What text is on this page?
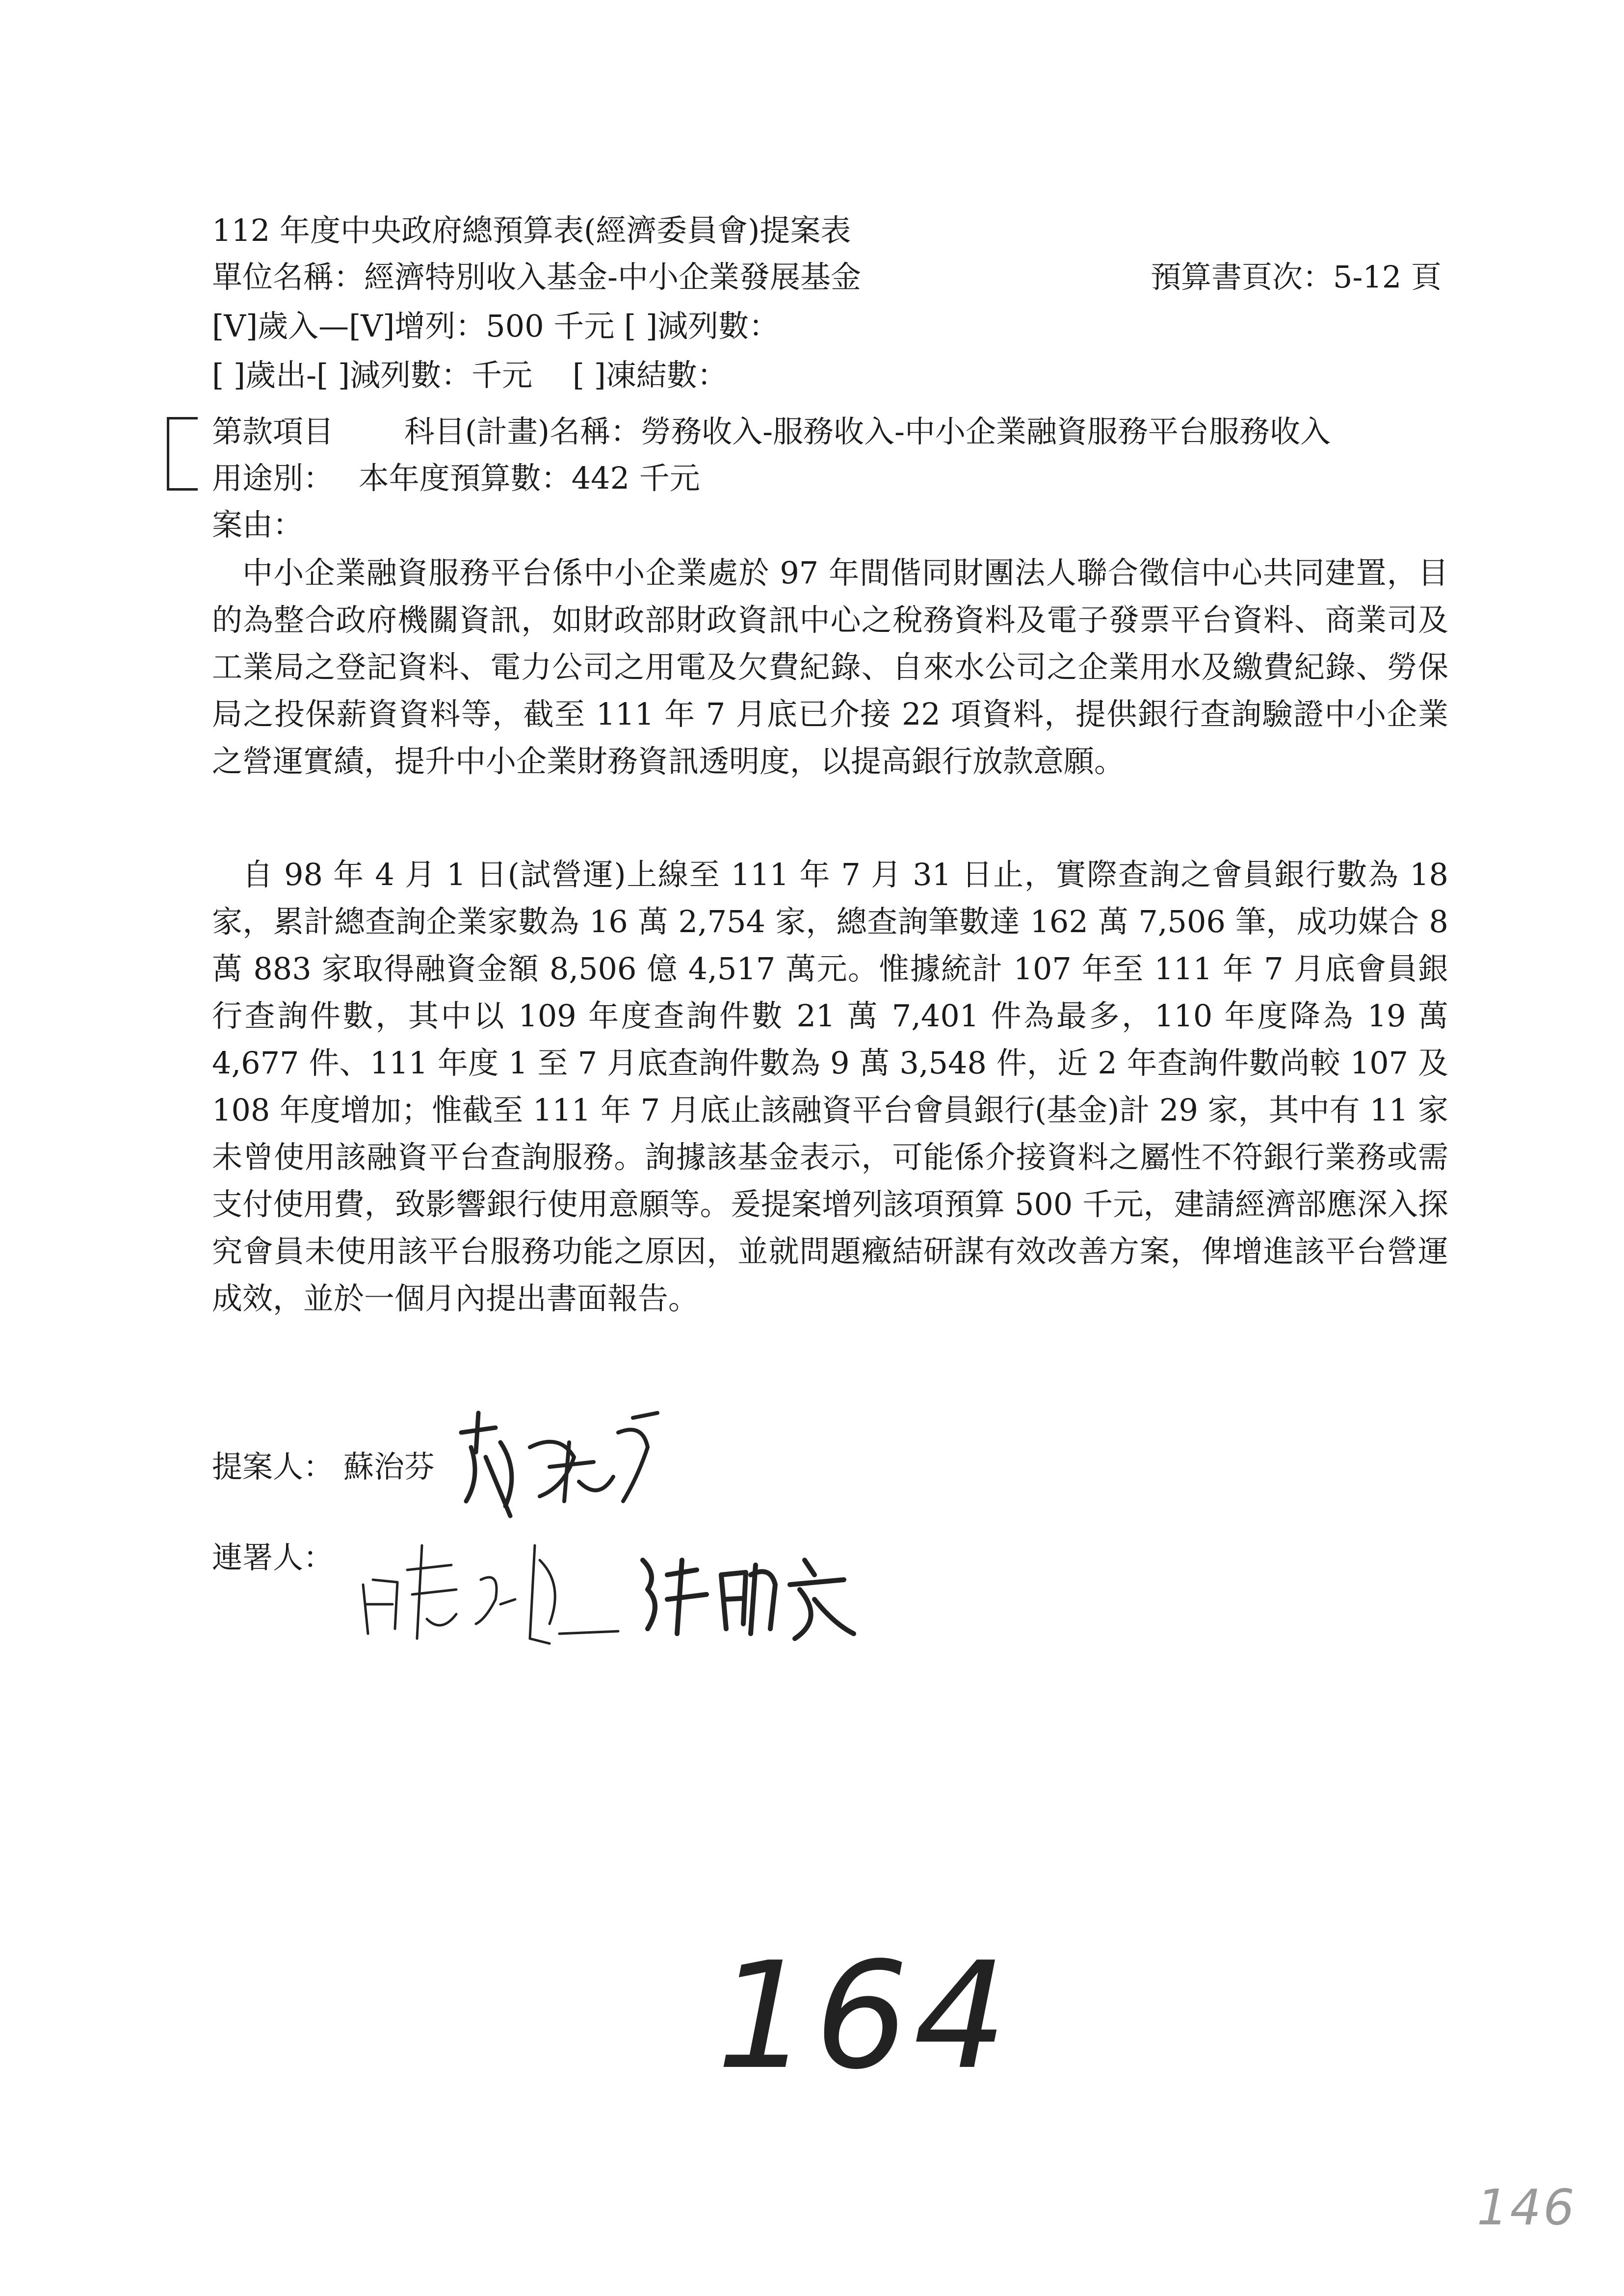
112 年度中央政府總預算表(經濟委員會)提案表
單位名稱：經濟特別收入基金-中小企業發展基金	預算書頁次：5-12 頁
[V]歲入—[V]增列：500 千元 [ ]減列數：
[ ]歲出-[ ]減列數：千元　 [ ]凍結數：
第款項目　　 科目(計畫)名稱：勞務收入-服務收入-中小企業融資服務平台服務收入
用途別：　 本年度預算數：442 千元
案由：
中小企業融資服務平台係中小企業處於 97 年間偕同財團法人聯合徵信中心共同建置，目的為整合政府機關資訊，如財政部財政資訊中心之稅務資料及電子發票平台資料、商業司及工業局之登記資料、電力公司之用電及欠費紀錄、自來水公司之企業用水及繳費紀錄、勞保局之投保薪資資料等，截至 111 年 7 月底已介接 22 項資料，提供銀行查詢驗證中小企業之營運實績，提升中小企業財務資訊透明度，以提高銀行放款意願。
自 98 年 4 月 1 日(試營運)上線至 111 年 7 月 31 日止，實際查詢之會員銀行數為 18 家，累計總查詢企業家數為 16 萬 2,754 家，總查詢筆數達 162 萬 7,506 筆，成功媒合 8 萬 883 家取得融資金額 8,506 億 4,517 萬元。惟據統計 107 年至 111 年 7 月底會員銀行查詢件數，其中以 109 年度查詢件數 21 萬 7,401 件為最多，110 年度降為 19 萬 4,677 件、111 年度 1 至 7 月底查詢件數為 9 萬 3,548 件，近 2 年查詢件數尚較 107 及 108 年度增加；惟截至 111 年 7 月底止該融資平台會員銀行(基金)計 29 家，其中有 11 家未曾使用該融資平台查詢服務。詢據該基金表示，可能係介接資料之屬性不符銀行業務或需支付使用費，致影響銀行使用意願等。爰提案增列該項預算 500 千元，建請經濟部應深入探究會員未使用該平台服務功能之原因，並就問題癥結研謀有效改善方案，俾增進該平台營運成效，並於一個月內提出書面報告。
提案人： 蘇治芬
連署人：
164
146
